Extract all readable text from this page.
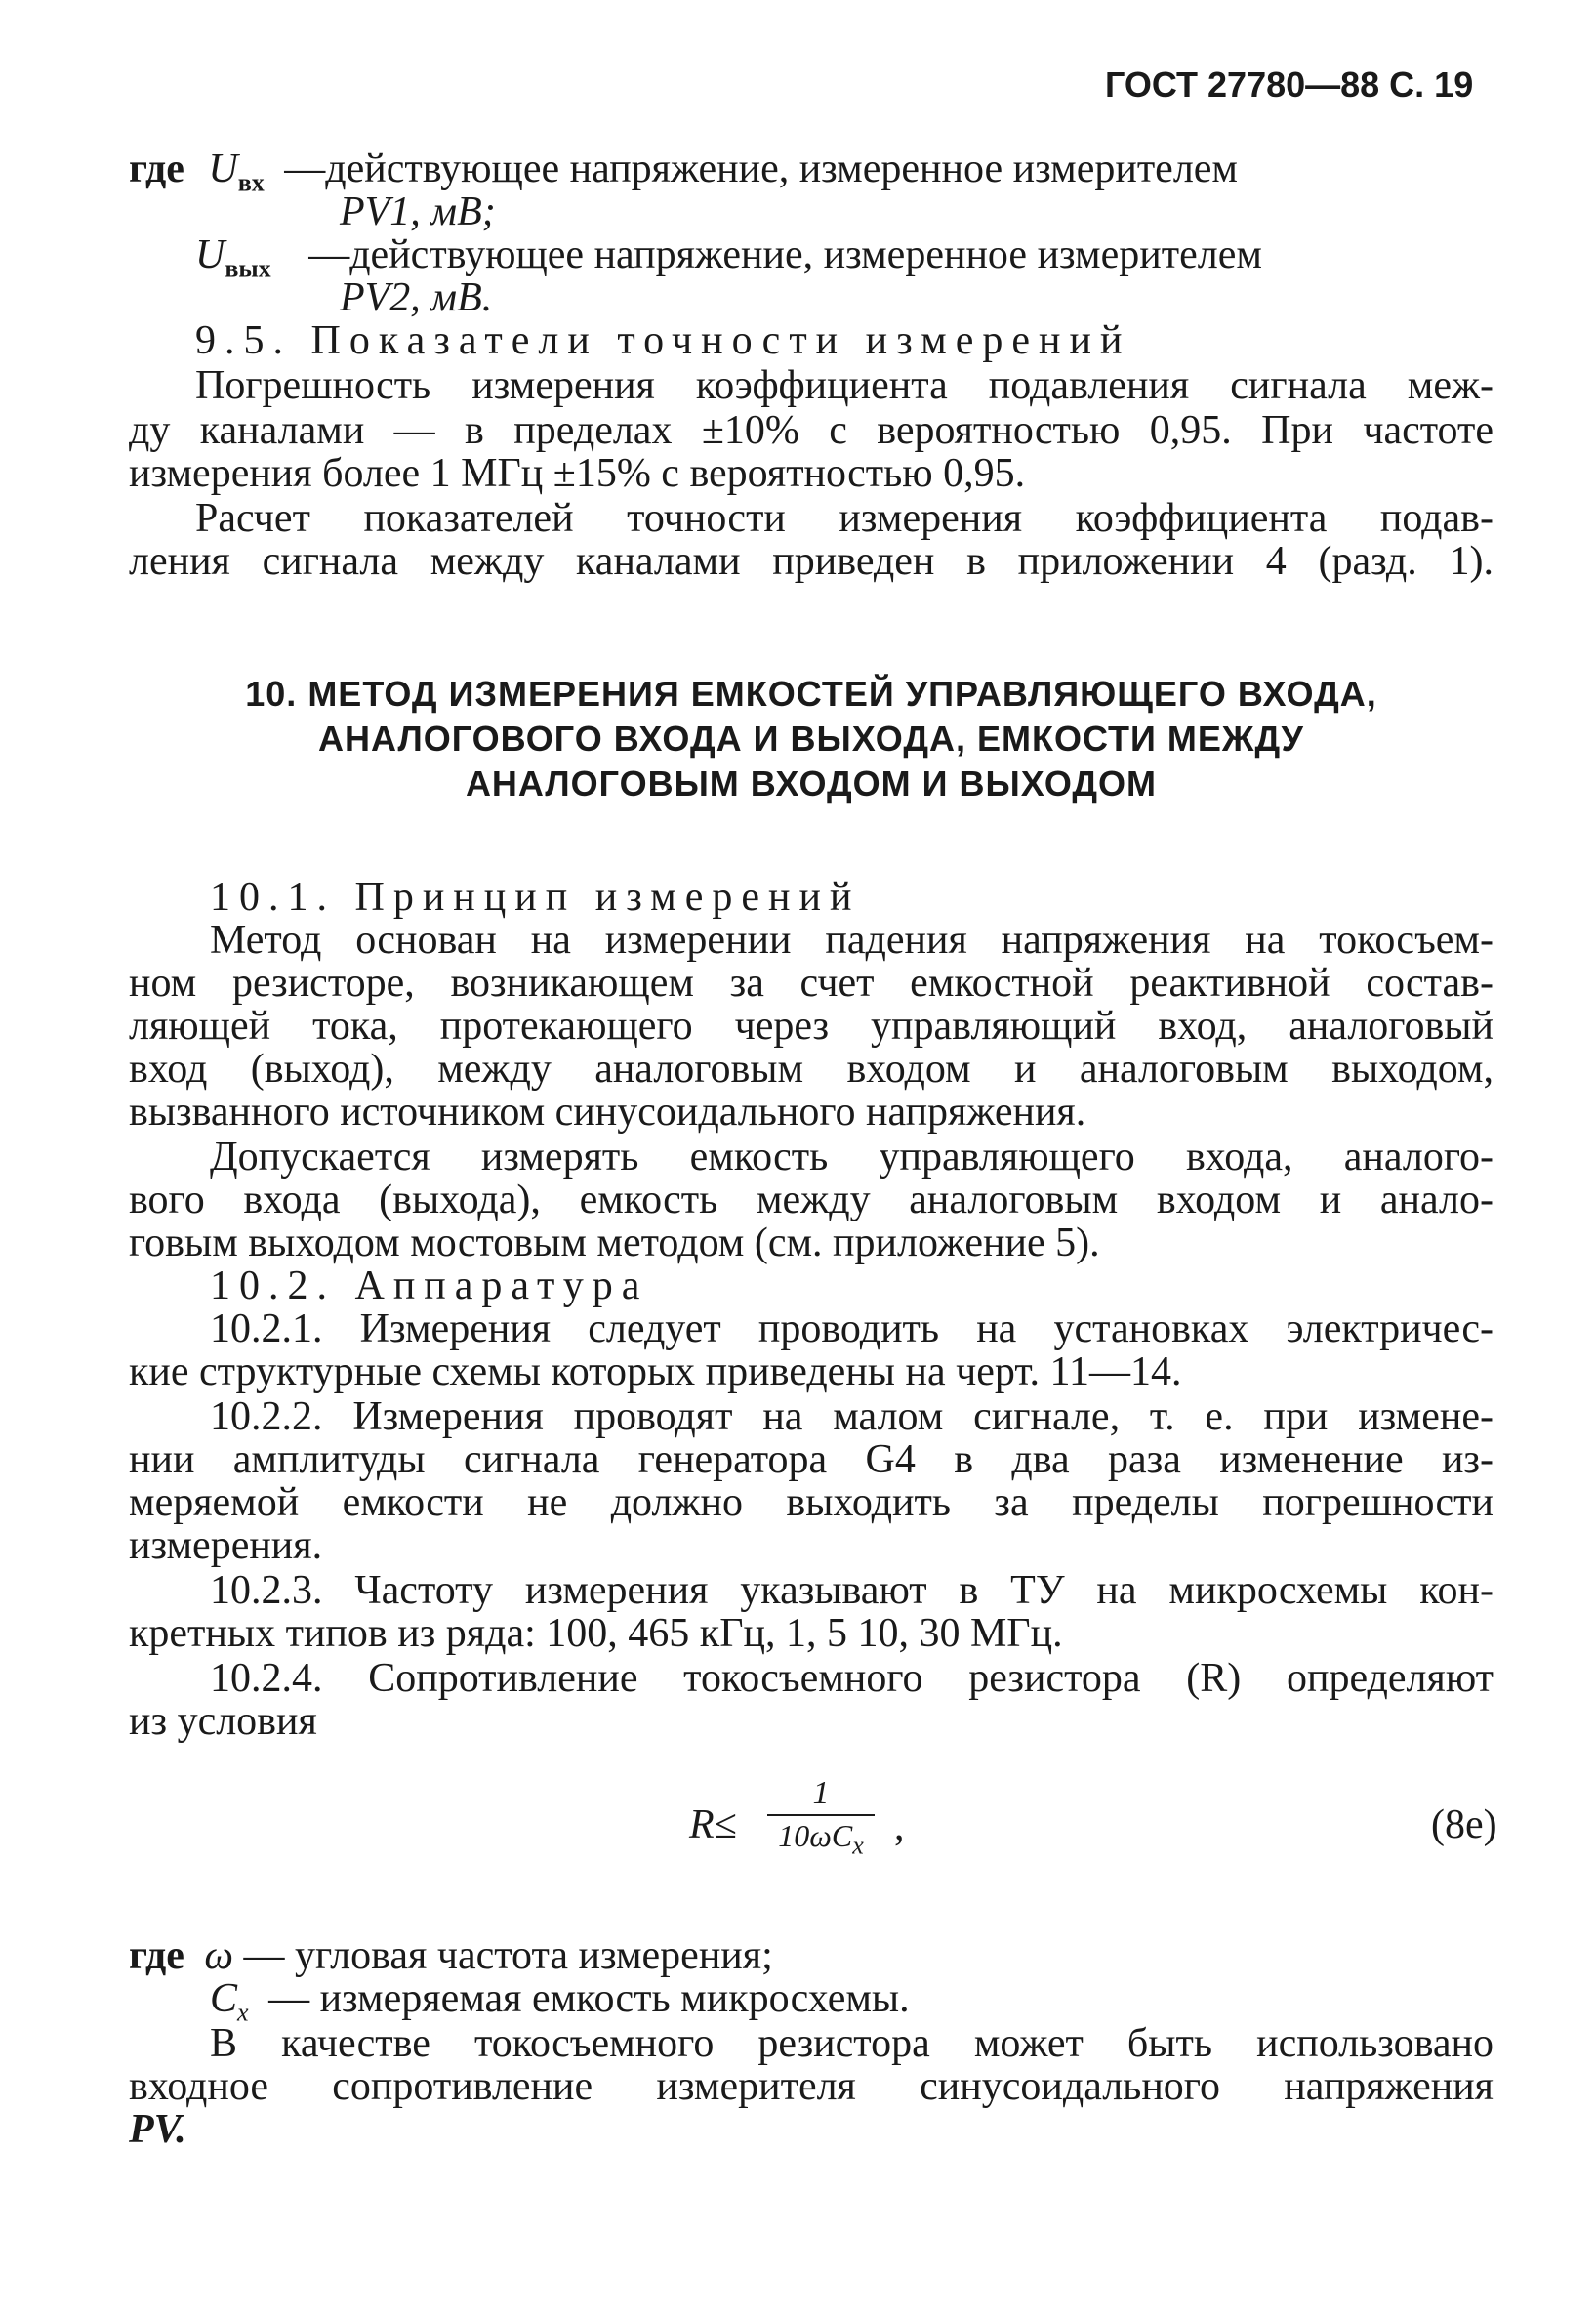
ГОСТ 27780—88 С. 19
где $U_{вх}$ —действующее напряжение, измеренное измерителем
PV1, мВ;
$U_{вых}$ —действующее напряжение, измеренное измерителем
PV2, мВ.
9.5. Показатели точности измерений
Погрешность измерения коэффициента подавления сигнала меж-
ду каналами — в пределах ±10% с вероятностью 0,95. При частоте
измерения более 1 МГц ±15% с вероятностью 0,95.
Расчет показателей точности измерения коэффициента подав-
ления сигнала между каналами приведен в приложении 4 (разд. 1).
10. МЕТОД ИЗМЕРЕНИЯ ЕМКОСТЕЙ УПРАВЛЯЮЩЕГО ВХОДА,
АНАЛОГОВОГО ВХОДА И ВЫХОДА, ЕМКОСТИ МЕЖДУ
АНАЛОГОВЫМ ВХОДОМ И ВЫХОДОМ
10.1. Принцип измерений
Метод основан на измерении падения напряжения на токосъем-
ном резисторе, возникающем за счет емкостной реактивной состав-
ляющей тока, протекающего через управляющий вход, аналоговый
вход (выход), между аналоговым входом и аналоговым выходом,
вызванного источником синусоидального напряжения.
Допускается измерять емкость управляющего входа, аналого-
вого входа (выхода), емкость между аналоговым входом и анало-
говым выходом мостовым методом (см. приложение 5).
10.2. Аппаратура
10.2.1. Измерения следует проводить на установках электричес-
кие структурные схемы которых приведены на черт. 11—14.
10.2.2. Измерения проводят на малом сигнале, т. е. при измене-
нии амплитуды сигнала генератора G4 в два раза изменение из-
меряемой емкости не должно выходить за пределы погрешности
измерения.
10.2.3. Частоту измерения указывают в ТУ на микросхемы кон-
кретных типов из ряда: 100, 465 кГц, 1, 5 10, 30 МГц.
10.2.4. Сопротивление токосъемного резистора (R) определяют
из условия
R≤
1
$10\omega C_x$ ,	(8е)
где ω — угловая частота измерения;
$C_x$ — измеряемая емкость микросхемы.
В качестве токосъемного резистора может быть использовано
входное сопротивление измерителя синусоидального напряжения
PV.
